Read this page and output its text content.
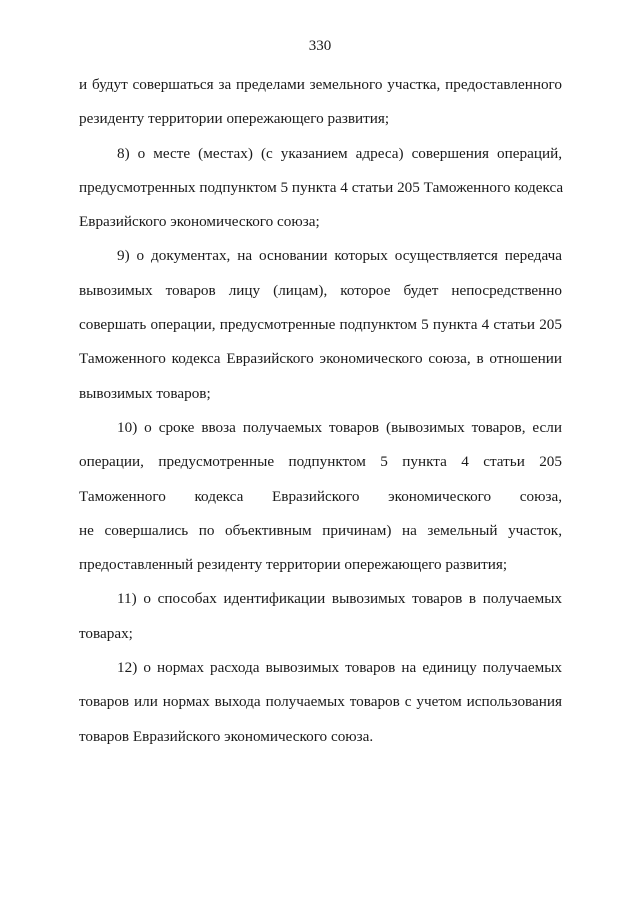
330
и будут совершаться за пределами земельного участка, предоставленного
резиденту территории опережающего развития;
8) о месте (местах) (с указанием адреса) совершения операций,
предусмотренных подпунктом 5 пункта 4 статьи 205 Таможенного кодекса
Евразийского экономического союза;
9) о документах, на основании которых осуществляется передача
вывозимых товаров лицу (лицам), которое будет непосредственно
совершать операции, предусмотренные подпунктом 5 пункта 4 статьи 205
Таможенного кодекса Евразийского экономического союза, в отношении
вывозимых товаров;
10) о сроке ввоза получаемых товаров (вывозимых товаров, если
операции, предусмотренные подпунктом 5 пункта 4 статьи 205
Таможенного кодекса Евразийского экономического союза,
не совершались по объективным причинам) на земельный участок,
предоставленный резиденту территории опережающего развития;
11) о способах идентификации вывозимых товаров в получаемых
товарах;
12) о нормах расхода вывозимых товаров на единицу получаемых
товаров или нормах выхода получаемых товаров с учетом использования
товаров Евразийского экономического союза.
